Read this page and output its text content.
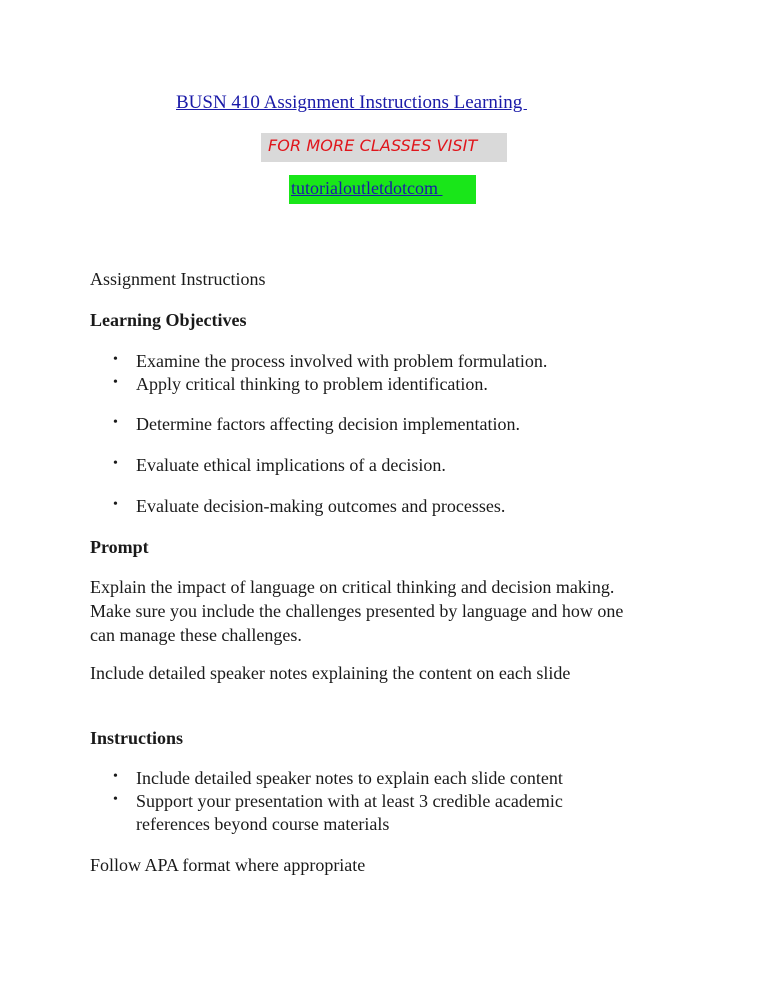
BUSN 410 Assignment Instructions Learning
FOR MORE CLASSES VISIT
tutorialoutletdotcom
Assignment Instructions
Learning Objectives
• Examine the process involved with problem formulation.
• Apply critical thinking to problem identification.
• Determine factors affecting decision implementation.
• Evaluate ethical implications of a decision.
• Evaluate decision-making outcomes and processes.
Prompt
Explain the impact of language on critical thinking and decision making. Make sure you include the challenges presented by language and how one can manage these challenges.
Include detailed speaker notes explaining the content on each slide
Instructions
• Include detailed speaker notes to explain each slide content
• Support your presentation with at least 3 credible academic
references beyond course materials
Follow APA format where appropriate
